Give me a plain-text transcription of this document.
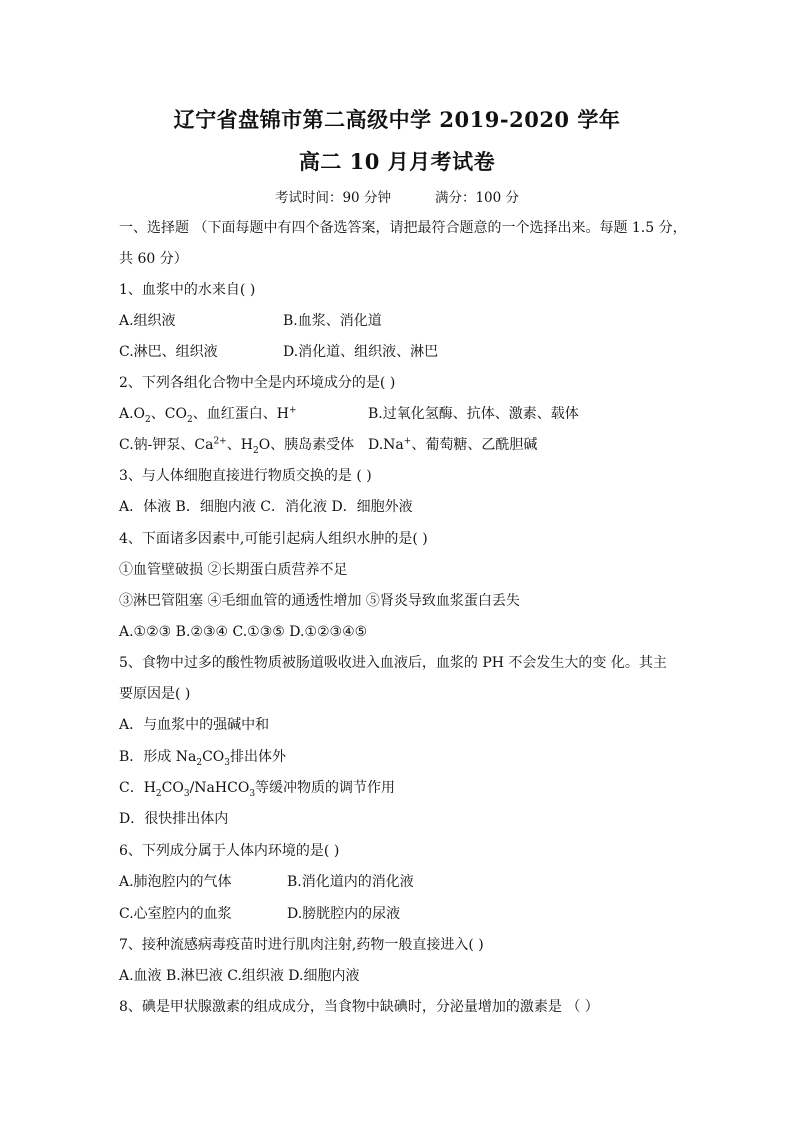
辽宁省盘锦市第二高级中学 2019-2020 学年
高二 10 月月考试卷
考试时间：90 分钟	满分：100 分
一、选择题 （下面每题中有四个备选答案，请把最符合题意的一个选择出来。每题 1.5 分，
共 60 分）
1、血浆中的水来自( )
A.组织液	B.血浆、消化道
C.淋巴、组织液	D.消化道、组织液、淋巴
2、下列各组化合物中全是内环境成分的是( )
$A.O_2$、$CO_2$、血红蛋白、H+	B.过氧化氢酶、抗体、激素、载体
C.钠-钾泵、$Ca^{2+}$、$H_2O$、胰岛素受体 D.Na+、葡萄糖、乙酰胆碱
3、与人体细胞直接进行物质交换的是 ( )
A．体液 B．细胞内液 C．消化液 D．细胞外液
4、下面诸多因素中,可能引起病人组织水肿的是( )
①血管壁破损 ②长期蛋白质营养不足
③淋巴管阻塞 ④毛细血管的通透性增加 ⑤肾炎导致血浆蛋白丢失
A.①②③ B.②③④ C.①③⑤ D.①②③④⑤
5、食物中过多的酸性物质被肠道吸收进入血液后，血浆的 PH 不会发生大的变 化。其主
要原因是( )
A．与血浆中的强碱中和
B．形成 $Na_2CO_3$排出体外
C．$H_2CO_3/NaHCO_3$等缓冲物质的调节作用
D．很快排出体内
6、下列成分属于人体内环境的是( )
A.肺泡腔内的气体	B.消化道内的消化液
C.心室腔内的血浆	D.膀胱腔内的尿液
7、接种流感病毒疫苗时进行肌肉注射,药物一般直接进入( )
A.血液 B.淋巴液 C.组织液 D.细胞内液
8、碘是甲状腺激素的组成成分，当食物中缺碘时，分泌量增加的激素是 （ ）
